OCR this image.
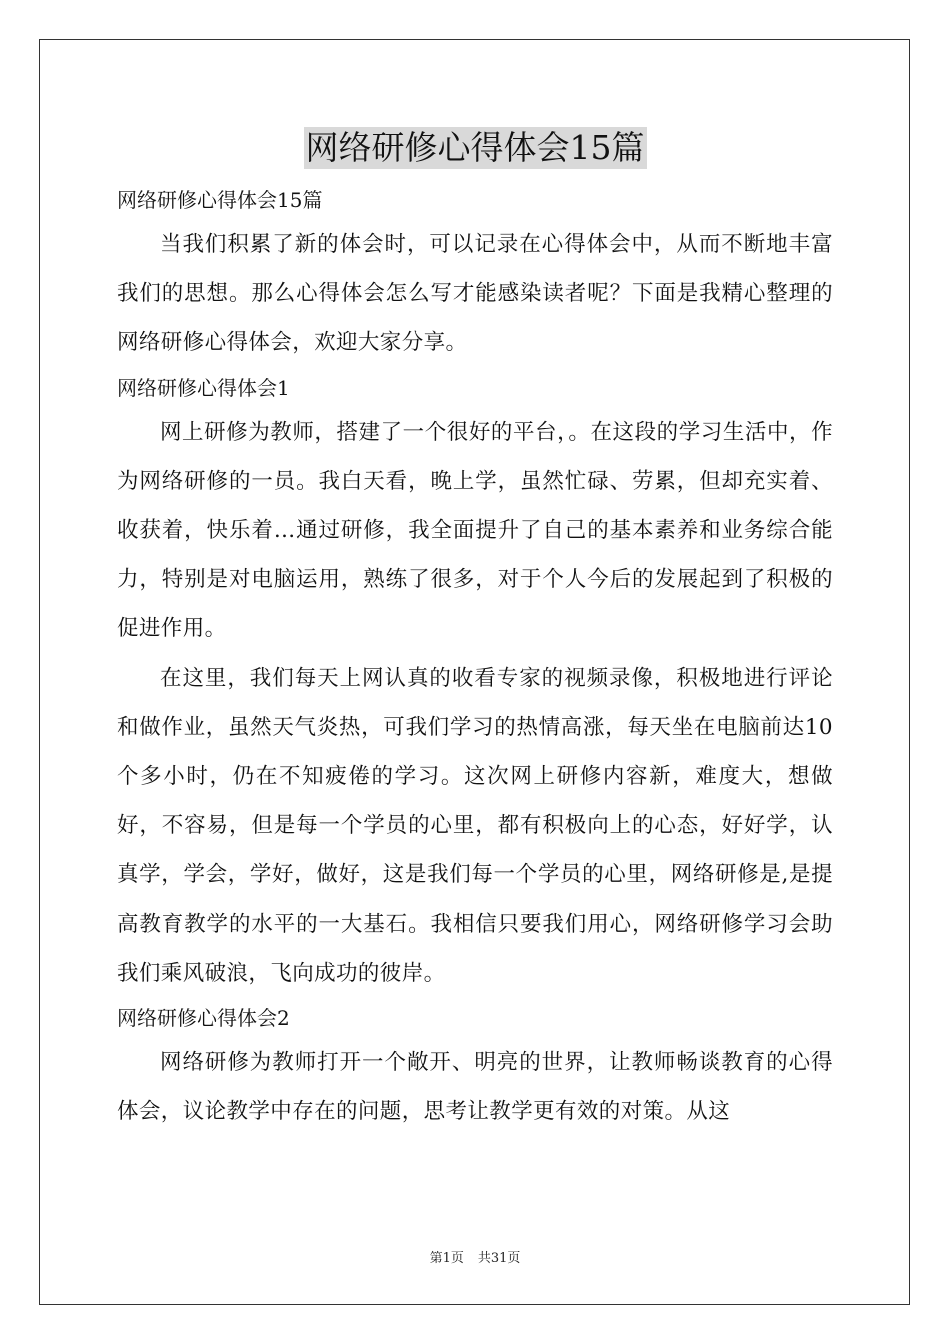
网络研修心得体会15篇

网络研修心得体会15篇

当我们积累了新的体会时，可以记录在心得体会中，从而不断地丰富我们的思想。那么心得体会怎么写才能感染读者呢？下面是我精心整理的网络研修心得体会，欢迎大家分享。

网络研修心得体会1

网上研修为教师，搭建了一个很好的平台，。在这段的学习生活中，作为网络研修的一员。我白天看，晚上学，虽然忙碌、劳累，但却充实着、收获着，快乐着…通过研修，我全面提升了自己的基本素养和业务综合能力，特别是对电脑运用，熟练了很多，对于个人今后的发展起到了积极的促进作用。

在这里，我们每天上网认真的收看专家的视频录像，积极地进行评论和做作业，虽然天气炎热，可我们学习的热情高涨，每天坐在电脑前达10个多小时，仍在不知疲倦的学习。这次网上研修内容新，难度大，想做好，不容易，但是每一个学员的心里，都有积极向上的心态，好好学，认真学，学会，学好，做好，这是我们每一个学员的心里，网络研修是,是提高教育教学的水平的一大基石。我相信只要我们用心，网络研修学习会助我们乘风破浪，飞向成功的彼岸。

网络研修心得体会2

网络研修为教师打开一个敞开、明亮的世界，让教师畅谈教育的心得体会，议论教学中存在的问题，思考让教学更有效的对策。从这

第1页 共31页
